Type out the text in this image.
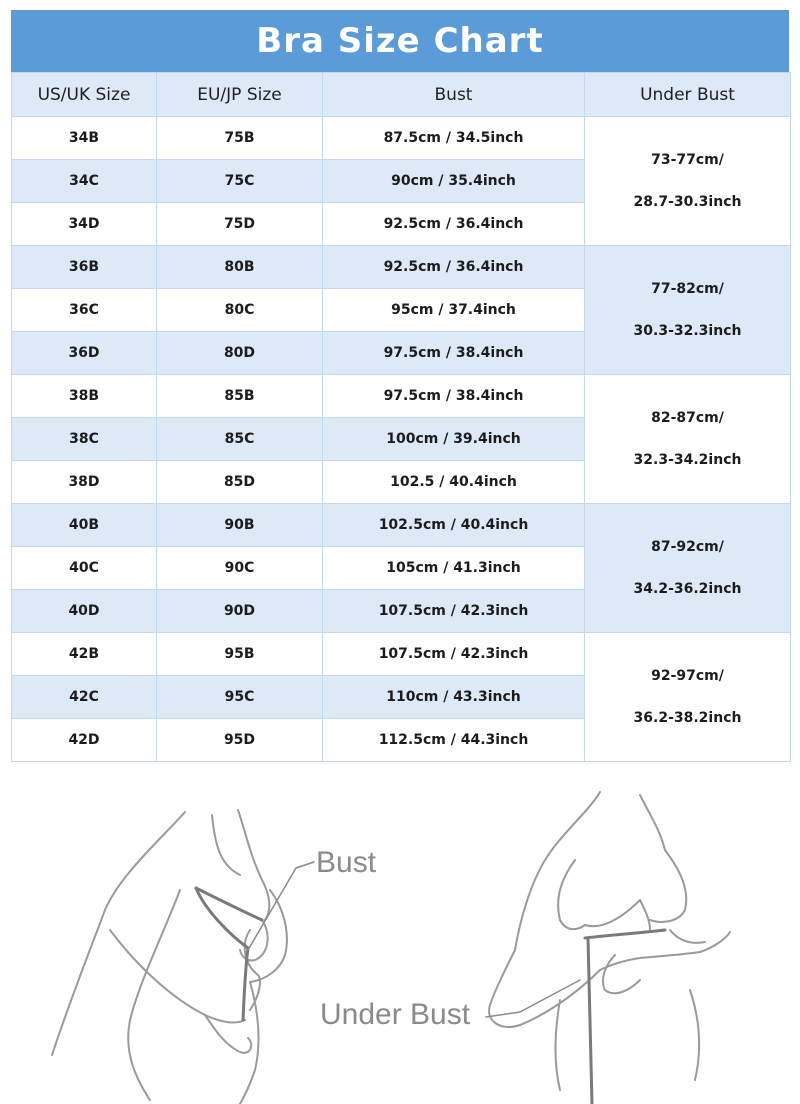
Bra Size Chart
US/UK Size	EU/JP Size	Bust	Under Bust
34B	75B	87.5cm / 34.5inch	73-77cm/
28.7-30.3inch

34C	75C	90cm / 35.4inch	
34D	75D	92.5cm / 36.4inch	
36B	80B	92.5cm / 36.4inch	77-82cm/
30.3-32.3inch

36C	80C	95cm / 37.4inch	
36D	80D	97.5cm / 38.4inch	
38B	85B	97.5cm / 38.4inch	82-87cm/
32.3-34.2inch

38C	85C	100cm / 39.4inch	
38D	85D	102.5 / 40.4inch	
40B	90B	102.5cm / 40.4inch	87-92cm/
34.2-36.2inch

40C	90C	105cm / 41.3inch	
40D	90D	107.5cm / 42.3inch	
42B	95B	107.5cm / 42.3inch	92-97cm/
36.2-38.2inch

42C	95C	110cm / 43.3inch	
42D	95D	112.5cm / 44.3inch	
Bust
Under Bust
